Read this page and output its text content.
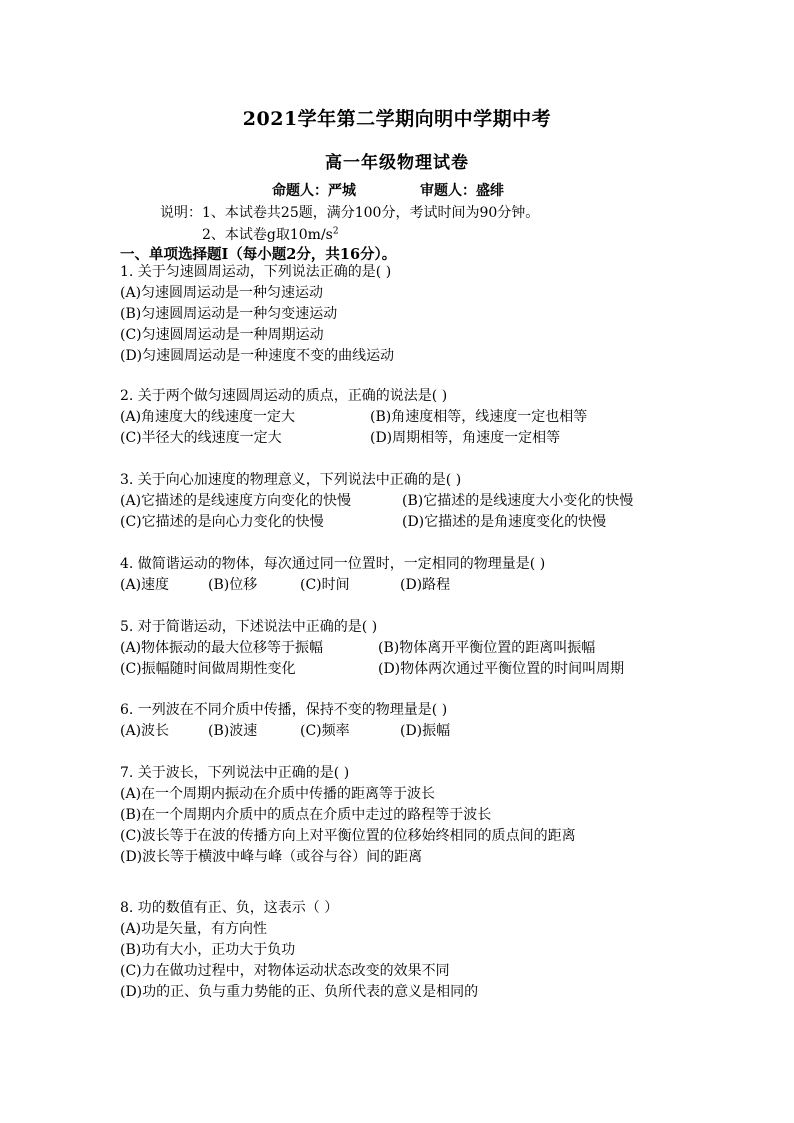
2021学年第二学期向明中学期中考
高一年级物理试卷
命题人：严城	审题人：盛绯
说明：1、本试卷共25题，满分100分，考试时间为90分钟。
2、本试卷g取$10m/s^2$
一、单项选择题Ⅰ（每小题2分，共16分）。

1. 关于匀速圆周运动，下列说法正确的是( )

(A)匀速圆周运动是一种匀速运动

(B)匀速圆周运动是一种匀变速运动

(C)匀速圆周运动是一种周期运动

(D)匀速圆周运动是一种速度不变的曲线运动

2. 关于两个做匀速圆周运动的质点，正确的说法是( )

(A)角速度大的线速度一定大	(B)角速度相等，线速度一定也相等
(C)半径大的线速度一定大	(D)周期相等，角速度一定相等

3. 关于向心加速度的物理意义，下列说法中正确的是( )

(A)它描述的是线速度方向变化的快慢	(B)它描述的是线速度大小变化的快慢
(C)它描述的是向心力变化的快慢	(D)它描述的是角速度变化的快慢

4. 做简谐运动的物体，每次通过同一位置时，一定相同的物理量是( )

(A)速度	(B)位移	(C)时间	(D)路程

5. 对于简谐运动，下述说法中正确的是( )

(A)物体振动的最大位移等于振幅	(B)物体离开平衡位置的距离叫振幅
(C)振幅随时间做周期性变化	(D)物体两次通过平衡位置的时间叫周期

6. 一列波在不同介质中传播，保持不变的物理量是( )

(A)波长	(B)波速	(C)频率	(D)振幅

7. 关于波长，下列说法中正确的是( )

(A)在一个周期内振动在介质中传播的距离等于波长

(B)在一个周期内介质中的质点在介质中走过的路程等于波长

(C)波长等于在波的传播方向上对平衡位置的位移始终相同的质点间的距离

(D)波长等于横波中峰与峰（或谷与谷）间的距离

8. 功的数值有正、负，这表示（ ）

(A)功是矢量，有方向性

(B)功有大小，正功大于负功

(C)力在做功过程中，对物体运动状态改变的效果不同

(D)功的正、负与重力势能的正、负所代表的意义是相同的
